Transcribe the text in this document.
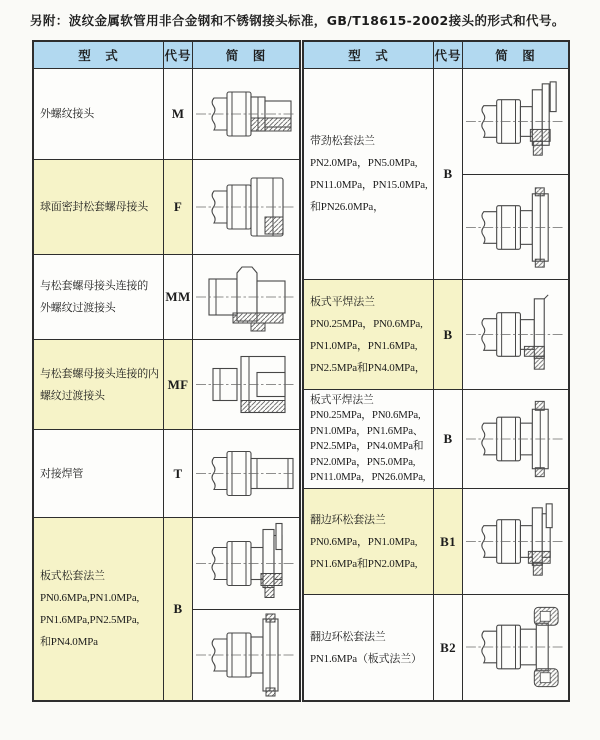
另附：波纹金属软管用非合金钢和不锈钢接头标准，GB/T18615-2002接头的形式和代号。
型　式	代号	简　图
外螺纹接头	M
球面密封松套螺母接头	F
与松套螺母接头连接的
外螺纹过渡接头
MM
与松套螺母接头连接的内
螺纹过渡接头
MF
对接焊管	T
板式松套法兰
PN0.6MPa,PN1.0MPa,
PN1.6MPa,PN2.5MPa,
和PN4.0MPa
B
型　式	代号	简　图
带劲松套法兰
PN2.0MPa，PN5.0MPa,
PN11.0MPa，PN15.0MPa,
和PN26.0MPa，
B
板式平焊法兰
PN0.25MPa，PN0.6MPa,
PN1.0MPa，PN1.6MPa,
PN2.5MPa和PN4.0MPa，
B
板式平焊法兰
PN0.25MPa，PN0.6MPa,
PN1.0MPa，PN1.6MPa、
PN2.5MPa，PN4.0MPa和
PN2.0MPa，PN5.0MPa,
PN11.0MPa，PN26.0MPa,
B
翻边环松套法兰
PN0.6MPa，PN1.0MPa,
PN1.6MPa和PN2.0MPa,
B1
翻边环松套法兰
PN1.6MPa（板式法兰）
B2
